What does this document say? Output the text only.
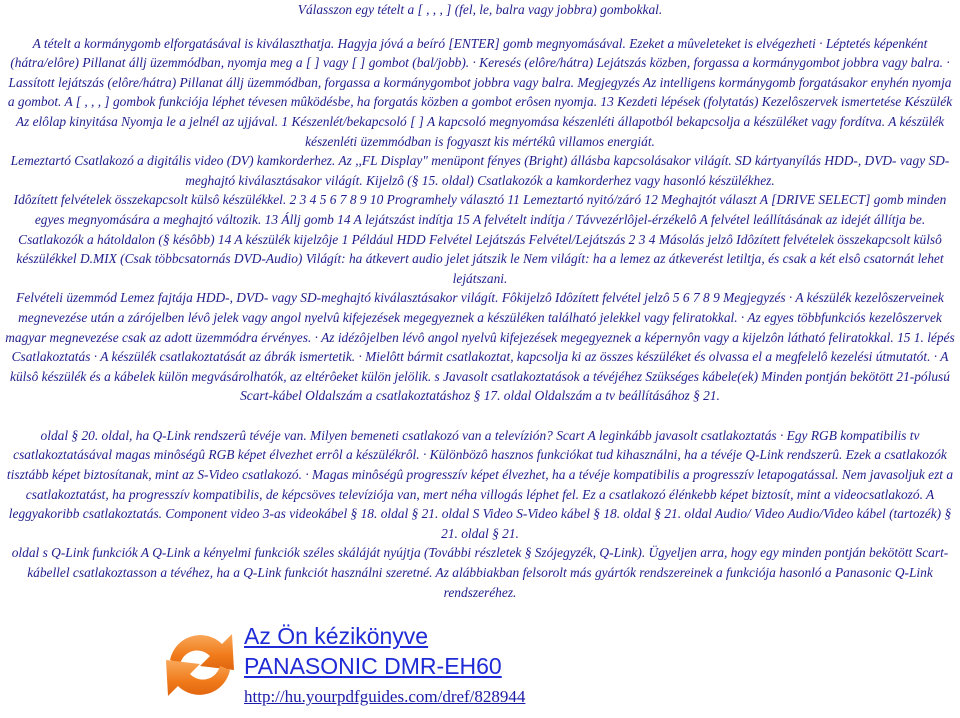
Válasszon egy tételt a [ , , , ] (fel, le, balra vagy jobbra) gombokkal.

A tételt a kormánygomb elforgatásával is kiválaszthatja. Hagyja jóvá a beíró [ENTER] gomb megnyomásával. Ezeket a mûveleteket is elvégezheti · Léptetés képenként (hátra/elôre) Pillanat állj üzemmódban, nyomja meg a [ ] vagy [ ] gombot (bal/jobb). · Keresés (elôre/hátra) Lejátszás közben, forgassa a kormánygombot jobbra vagy balra. · Lassított lejátszás (elôre/hátra) Pillanat állj üzemmódban, forgassa a kormánygombot jobbra vagy balra. Megjegyzés Az intelligens kormánygomb forgatásakor enyhén nyomja a gombot. A [ , , , ] gombok funkciója léphet tévesen mûködésbe, ha forgatás közben a gombot erôsen nyomja. 13 Kezdeti lépések (folytatás) Kezelôszervek ismertetése Készülék Az elôlap kinyitása Nyomja le a jelnél az ujjával. 1 Készenlét/bekapcsoló [ ] A kapcsoló megnyomása készenléti állapotból bekapcsolja a készüléket vagy fordítva. A készülék készenléti üzemmódban is fogyaszt kis mértékû villamos energiát.

Lemeztartó Csatlakozó a digitális video (DV) kamkorderhez. Az ,,FL Display" menüpont fényes (Bright) állásba kapcsolásakor világít. SD kártyanyílás HDD-, DVD- vagy SD-meghajtó kiválasztásakor világít. Kijelzô (§ 15. oldal) Csatlakozók a kamkorderhez vagy hasonló készülékhez.

Idôzített felvételek összekapcsolt külsô készülékkel. 2 3 4 5 6 7 8 9 10 Programhely választó 11 Lemeztartó nyitó/záró 12 Meghajtót választ A [DRIVE SELECT] gomb minden egyes megnyomására a meghajtó változik. 13 Állj gomb 14 A lejátszást indítja 15 A felvételt indítja / Távvezérlôjel-érzékelô A felvétel leállításának az idejét állítja be. Csatlakozók a hátoldalon (§ késôbb) 14 A készülék kijelzôje 1 Például HDD Felvétel Lejátszás Felvétel/Lejátszás 2 3 4 Másolás jelzô Idôzített felvételek összekapcsolt külsô készülékkel D.MIX (Csak többcsatornás DVD-Audio) Világít: ha átkevert audio jelet játszik le Nem világít: ha a lemez az átkeverést letiltja, és csak a két elsô csatornát lehet lejátszani.

Felvételi üzemmód Lemez fajtája HDD-, DVD- vagy SD-meghajtó kiválasztásakor világít. Fôkijelzô Idôzített felvétel jelzô 5 6 7 8 9 Megjegyzés · A készülék kezelôszerveinek megnevezése után a zárójelben lévô jelek vagy angol nyelvû kifejezések megegyeznek a készüléken található jelekkel vagy feliratokkal. · Az egyes többfunkciós kezelôszervek magyar megnevezése csak az adott üzemmódra érvényes. · Az idézôjelben lévô angol nyelvû kifejezések megegyeznek a képernyôn vagy a kijelzôn látható feliratokkal. 15 1. lépés Csatlakoztatás · A készülék csatlakoztatását az ábrák ismertetik. · Mielôtt bármit csatlakoztat, kapcsolja ki az összes készüléket és olvassa el a megfelelô kezelési útmutatót. · A külsô készülék és a kábelek külön megvásárolhatók, az eltérôeket külön jelölik. s Javasolt csatlakoztatások a tévéjéhez Szükséges kábele(ek) Minden pontján bekötött 21-pólusú Scart-kábel Oldalszám a csatlakoztatáshoz § 17. oldal Oldalszám a tv beállításához § 21.

oldal § 20. oldal, ha Q-Link rendszerû tévéje van. Milyen bemeneti csatlakozó van a televízión? Scart A leginkább javasolt csatlakoztatás · Egy RGB kompatibilis tv csatlakoztatásával magas minôségû RGB képet élvezhet errôl a készülékrôl. · Különbözô hasznos funkciókat tud kihasználni, ha a tévéje Q-Link rendszerû. Ezek a csatlakozók tisztább képet biztosítanak, mint az S-Video csatlakozó. · Magas minôségû progresszív képet élvezhet, ha a tévéje kompatibilis a progresszív letapogatással. Nem javasoljuk ezt a csatlakoztatást, ha progresszív kompatibilis, de képcsöves televíziója van, mert néha villogás léphet fel. Ez a csatlakozó élénkebb képet biztosít, mint a videocsatlakozó. A leggyakoribb csatlakoztatás. Component video 3-as videokábel § 18. oldal § 21. oldal S Video S-Video kábel § 18. oldal § 21. oldal Audio/ Video Audio/Video kábel (tartozék) § 21. oldal § 21.

oldal s Q-Link funkciók A Q-Link a kényelmi funkciók széles skáláját nyújtja (További részletek § Szójegyzék, Q-Link). Ügyeljen arra, hogy egy minden pontján bekötött Scart-kábellel csatlakoztasson a tévéhez, ha a Q-Link funkciót használni szeretné. Az alábbiakban felsorolt más gyártók rendszereinek a funkciója hasonló a Panasonic Q-Link rendszeréhez.

Az Ön kézikönyve
PANASONIC DMR-EH60
http://hu.yourpdfguides.com/dref/828944
